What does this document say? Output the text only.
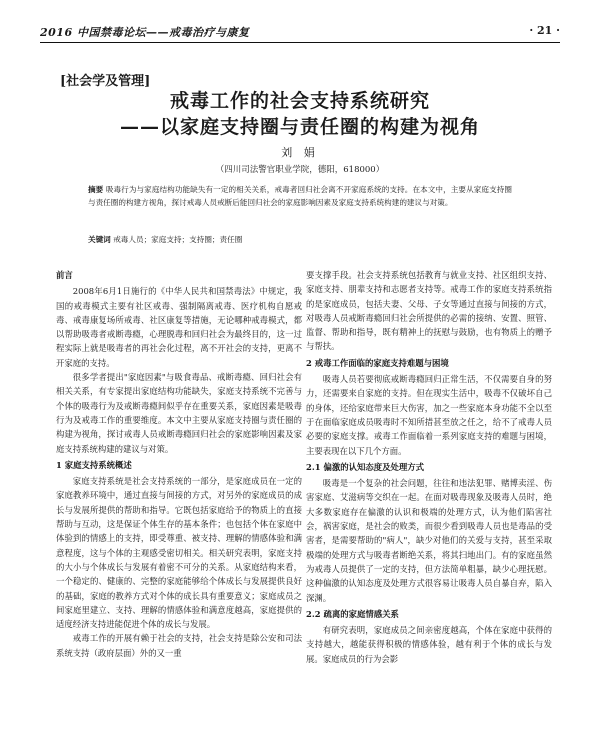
2016 中国禁毒论坛——戒毒治疗与康复	· 21 ·
[社会学及管理]
戒毒工作的社会支持系统研究
——以家庭支持圈与责任圈的构建为视角
刘 娟
（四川司法警官职业学院，德阳，618000）
摘要 吸毒行为与家庭结构功能缺失有一定的相关关系，戒毒者回归社会离不开家庭系统的支持。在本文中，主要从家庭支持圈与责任圈的构建方视角，探讨戒毒人员戒断后能回归社会的家庭影响因素及家庭支持系统构建的建议与对策。
关键词 戒毒人员；家庭支持；支持圈；责任圈

前言

2008年6月1日施行的《中华人民共和国禁毒法》中规定，我国的戒毒模式主要有社区戒毒、强制隔离戒毒、医疗机构自愿戒毒、戒毒康复场所戒毒、社区康复等措施，无论哪种戒毒模式，都以帮助吸毒者戒断毒瘾，心理脱毒和回归社会为最终目的，这一过程实际上就是吸毒者的再社会化过程，离不开社会的支持，更离不开家庭的支持。

很多学者提出"家庭因素"与吸食毒品、戒断毒瘾、回归社会有相关关系，有专家提出家庭结构功能缺失，家庭支持系统不完善与个体的吸毒行为及戒断毒瘾间似乎存在重要关系，家庭因素是吸毒行为及戒毒工作的重要维度。本文中主要从家庭支持圈与责任圈的构建为视角，探讨戒毒人员戒断毒瘾回归社会的家庭影响因素及家庭支持系统构建的建议与对策。

1 家庭支持系统概述

家庭支持系统是社会支持系统的一部分，是家庭成员在一定的家庭教养环境中，通过直接与间接的方式，对另外的家庭成员的成长与发展所提供的帮助和指导。它既包括家庭给予的物质上的直接帮助与互动，这是保证个体生存的基本条件；也包括个体在家庭中体验到的情感上的支持，即受尊重、被支持、理解的情感体验和满意程度，这与个体的主观感受密切相关。相关研究表明，家庭支持的大小与个体成长与发展有着密不可分的关系。从家庭结构来看，一个稳定的、健康的、完整的家庭能够给个体成长与发展提供良好的基础，家庭的教养方式对个体的成长具有重要意义；家庭成员之间家庭里建立、支持、理解的情感体验和满意度越高，家庭提供的适度经济支持进能促进个体的成长与发展。

戒毒工作的开展有赖于社会的支持，社会支持是除公安和司法系统支持（政府层面）外的又一重

要支撑手段。社会支持系统包括教育与就业支持、社区组织支持、家庭支持、朋辈支持和志愿者支持等。戒毒工作的家庭支持系统指的是家庭成员，包括夫妻、父母、子女等通过直接与间接的方式，对吸毒人员戒断毒瘾回归社会所提供的必需的接纳、安置、照管、监督、帮助和指导，既有精神上的抚慰与鼓励，也有物质上的赠予与帮扶。

2 戒毒工作面临的家庭支持难题与困境

吸毒人员若要彻底戒断毒瘾回归正常生活，不仅需要自身的努力，还需要来自家庭的支持。但在现实生活中，吸毒不仅破坏自己的身体，还给家庭带来巨大伤害，加之一些家庭本身功能不全以至于在面临家庭成员吸毒时不知所措甚至放之任之，给不了戒毒人员必要的家庭支撑。戒毒工作面临着一系列家庭支持的难题与困境，主要表现在以下几个方面。

2.1 偏激的认知态度及处理方式

吸毒是一个复杂的社会问题，往往和违法犯罪、赌博卖淫、伤害家庭、艾滋病等交织在一起。在面对吸毒现象及吸毒人员时，绝大多数家庭存在偏激的认识和极端的处理方式，认为他们陷害社会，祸害家庭，是社会的败类，而很少看到吸毒人员也是毒品的受害者，是需要帮助的"病人"，缺少对他们的关爱与支持，甚至采取极端的处理方式与吸毒者断绝关系，将其扫地出门。有的家庭虽然为戒毒人员提供了一定的支持，但方法简单粗暴，缺少心理抚慰。这种偏激的认知态度及处理方式很容易让吸毒人员自暴自弃，陷入深渊。

2.2 疏离的家庭情感关系

有研究表明，家庭成员之间亲密度越高，个体在家庭中获得的支持越大，越能获得积极的情感体验，越有利于个体的成长与发展。家庭成员的行为会影
